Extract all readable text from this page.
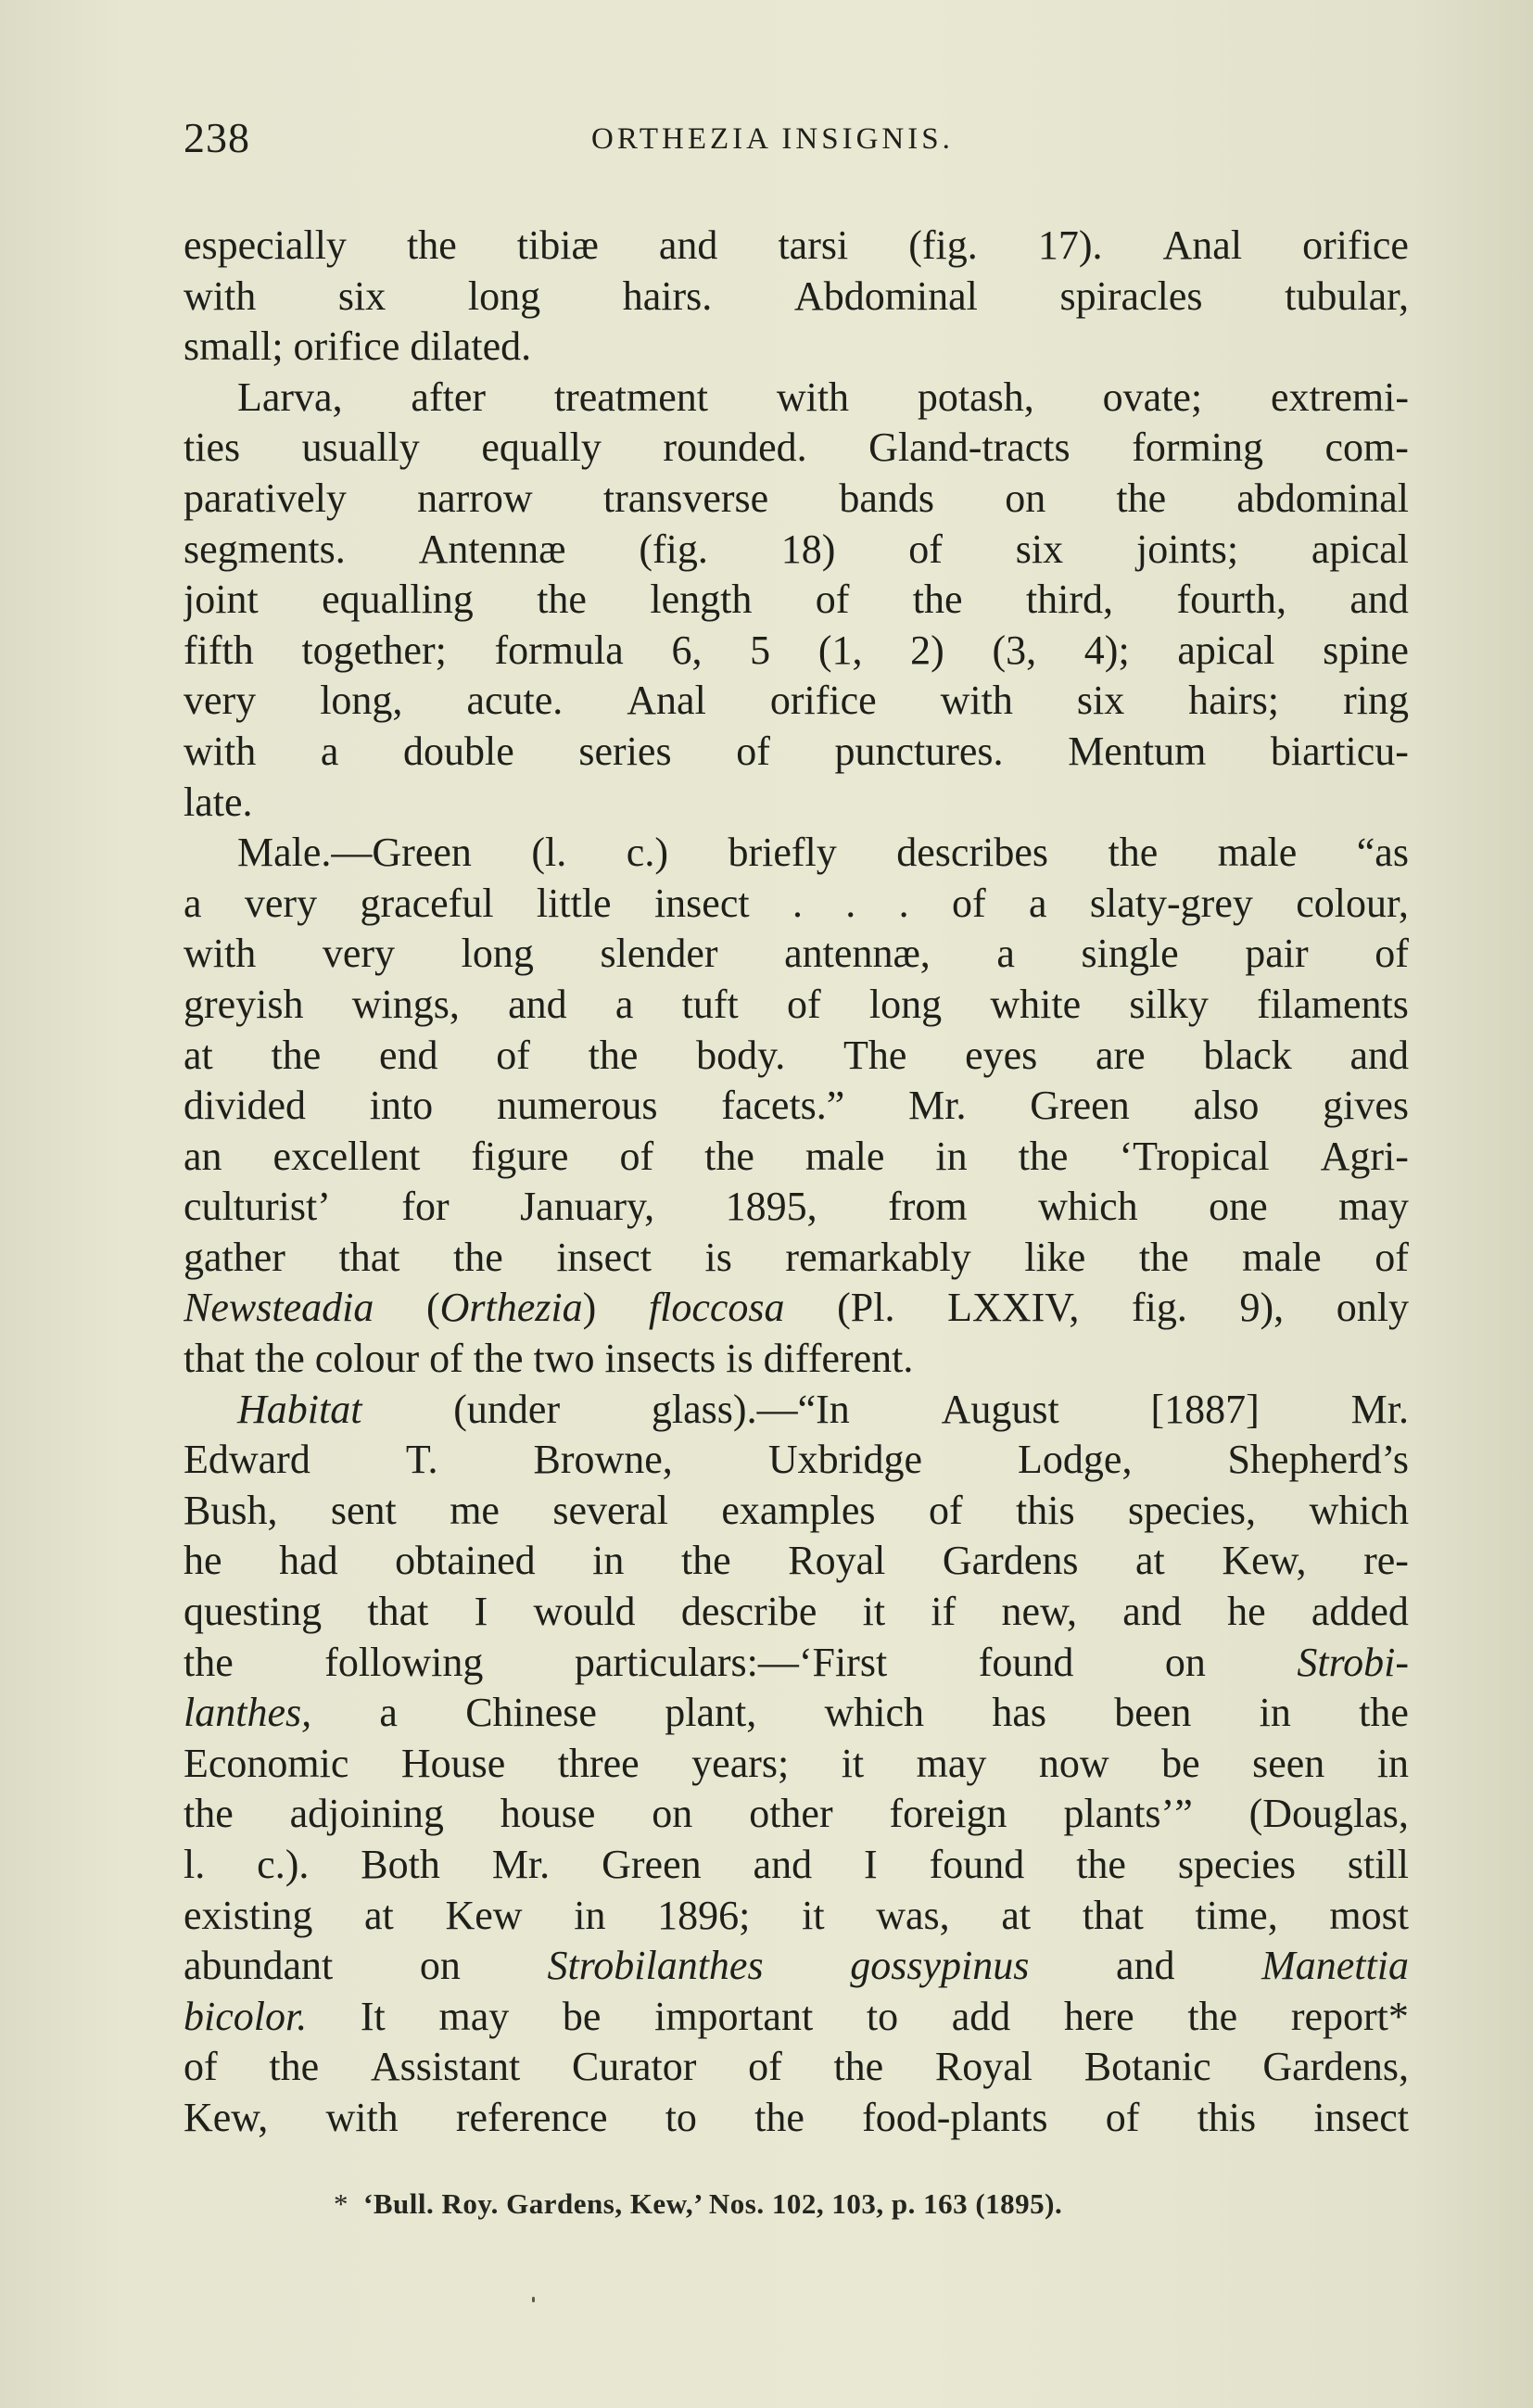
238	ORTHEZIA INSIGNIS.
especially the tibiæ and tarsi (fig. 17). Anal orifice
with six long hairs. Abdominal spiracles tubular,
small; orifice dilated.
Larva, after treatment with potash, ovate; extremi-
ties usually equally rounded. Gland-tracts forming com-
paratively narrow transverse bands on the abdominal
segments. Antennæ (fig. 18) of six joints; apical
joint equalling the length of the third, fourth, and
fifth together; formula 6, 5 (1, 2) (3, 4); apical spine
very long, acute. Anal orifice with six hairs; ring
with a double series of punctures. Mentum biarticu-
late.
Male.—Green (l. c.) briefly describes the male “as
a very graceful little insect . . . of a slaty-grey colour,
with very long slender antennæ, a single pair of
greyish wings, and a tuft of long white silky filaments
at the end of the body. The eyes are black and
divided into numerous facets.” Mr. Green also gives
an excellent figure of the male in the ‘Tropical Agri-
culturist’ for January, 1895, from which one may
gather that the insect is remarkably like the male of
Newsteadia (Orthezia) floccosa (Pl. LXXIV, fig. 9), only
that the colour of the two insects is different.
Habitat (under glass).—“In August [1887] Mr.
Edward T. Browne, Uxbridge Lodge, Shepherd’s
Bush, sent me several examples of this species, which
he had obtained in the Royal Gardens at Kew, re-
questing that I would describe it if new, and he added
the following particulars:—‘First found on Strobi-
lanthes, a Chinese plant, which has been in the
Economic House three years; it may now be seen in
the adjoining house on other foreign plants’” (Douglas,
l. c.). Both Mr. Green and I found the species still
existing at Kew in 1896; it was, at that time, most
abundant on Strobilanthes gossypinus and Manettia
bicolor. It may be important to add here the report*
of the Assistant Curator of the Royal Botanic Gardens,
Kew, with reference to the food-plants of this insect
* ‘Bull. Roy. Gardens, Kew,’ Nos. 102, 103, p. 163 (1895).
